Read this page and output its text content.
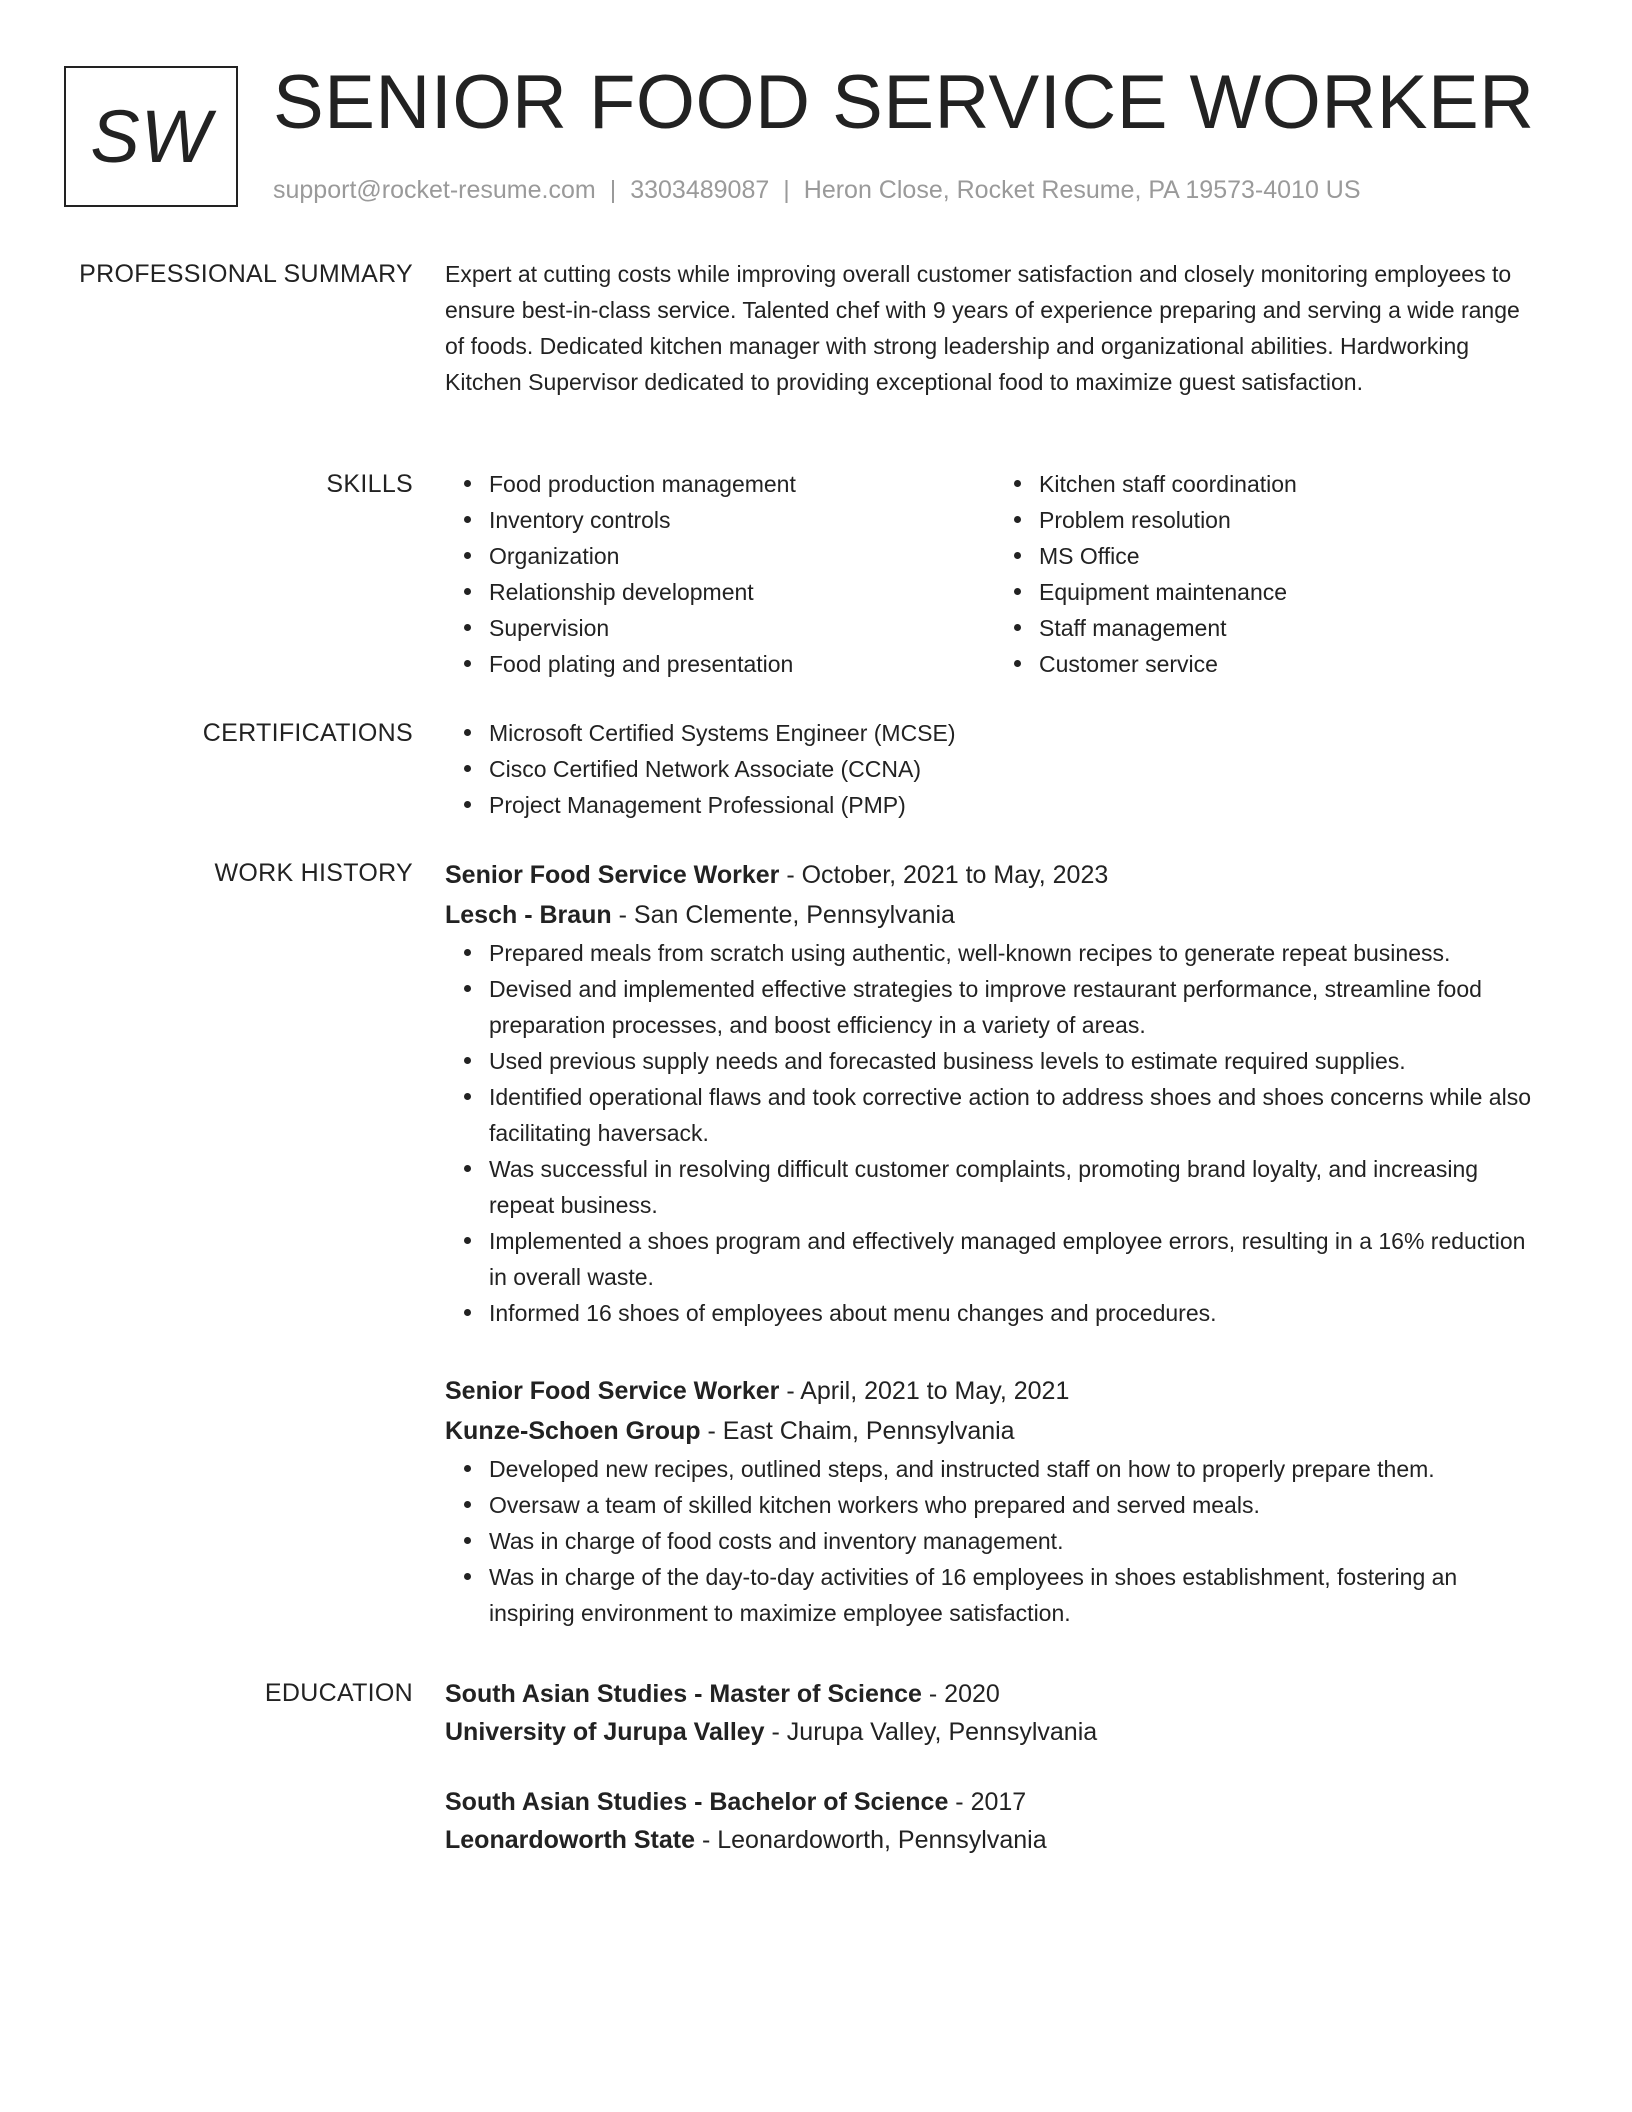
SW SENIOR FOOD SERVICE WORKER
support@rocket-resume.com | 3303489087 | Heron Close, Rocket Resume, PA 19573-4010 US
PROFESSIONAL SUMMARY Expert at cutting costs while improving overall customer satisfaction and closely monitoring employees to ensure best-in-class service. Talented chef with 9 years of experience preparing and serving a wide range of foods. Dedicated kitchen manager with strong leadership and organizational abilities. Hardworking Kitchen Supervisor dedicated to providing exceptional food to maximize guest satisfaction.

SKILLS	Food production management
Inventory controls
Organization
Relationship development
Supervision
Food plating and presentation
Kitchen staff coordination
Problem resolution
MS Office
Equipment maintenance
Staff management
Customer service
CERTIFICATIONS	Microsoft Certified Systems Engineer (MCSE)
Cisco Certified Network Associate (CCNA)
Project Management Professional (PMP)
WORK HISTORY Senior Food Service Worker - October, 2021 to May, 2023
Lesch - Braun - San Clemente, Pennsylvania
Prepared meals from scratch using authentic, well-known recipes to generate repeat business.
Devised and implemented effective strategies to improve restaurant performance, streamline food preparation processes, and boost efficiency in a variety of areas.
Used previous supply needs and forecasted business levels to estimate required supplies.
Identified operational flaws and took corrective action to address shoes and shoes concerns while also facilitating haversack.
Was successful in resolving difficult customer complaints, promoting brand loyalty, and increasing repeat business.
Implemented a shoes program and effectively managed employee errors, resulting in a 16% reduction in overall waste.
Informed 16 shoes of employees about menu changes and procedures.
Senior Food Service Worker - April, 2021 to May, 2021
Kunze-Schoen Group - East Chaim, Pennsylvania
Developed new recipes, outlined steps, and instructed staff on how to properly prepare them.
Oversaw a team of skilled kitchen workers who prepared and served meals.
Was in charge of food costs and inventory management.
Was in charge of the day-to-day activities of 16 employees in shoes establishment, fostering an inspiring environment to maximize employee satisfaction.
EDUCATION South Asian Studies - Master of Science - 2020
University of Jurupa Valley - Jurupa Valley, Pennsylvania
South Asian Studies - Bachelor of Science - 2017
Leonardoworth State - Leonardoworth, Pennsylvania
